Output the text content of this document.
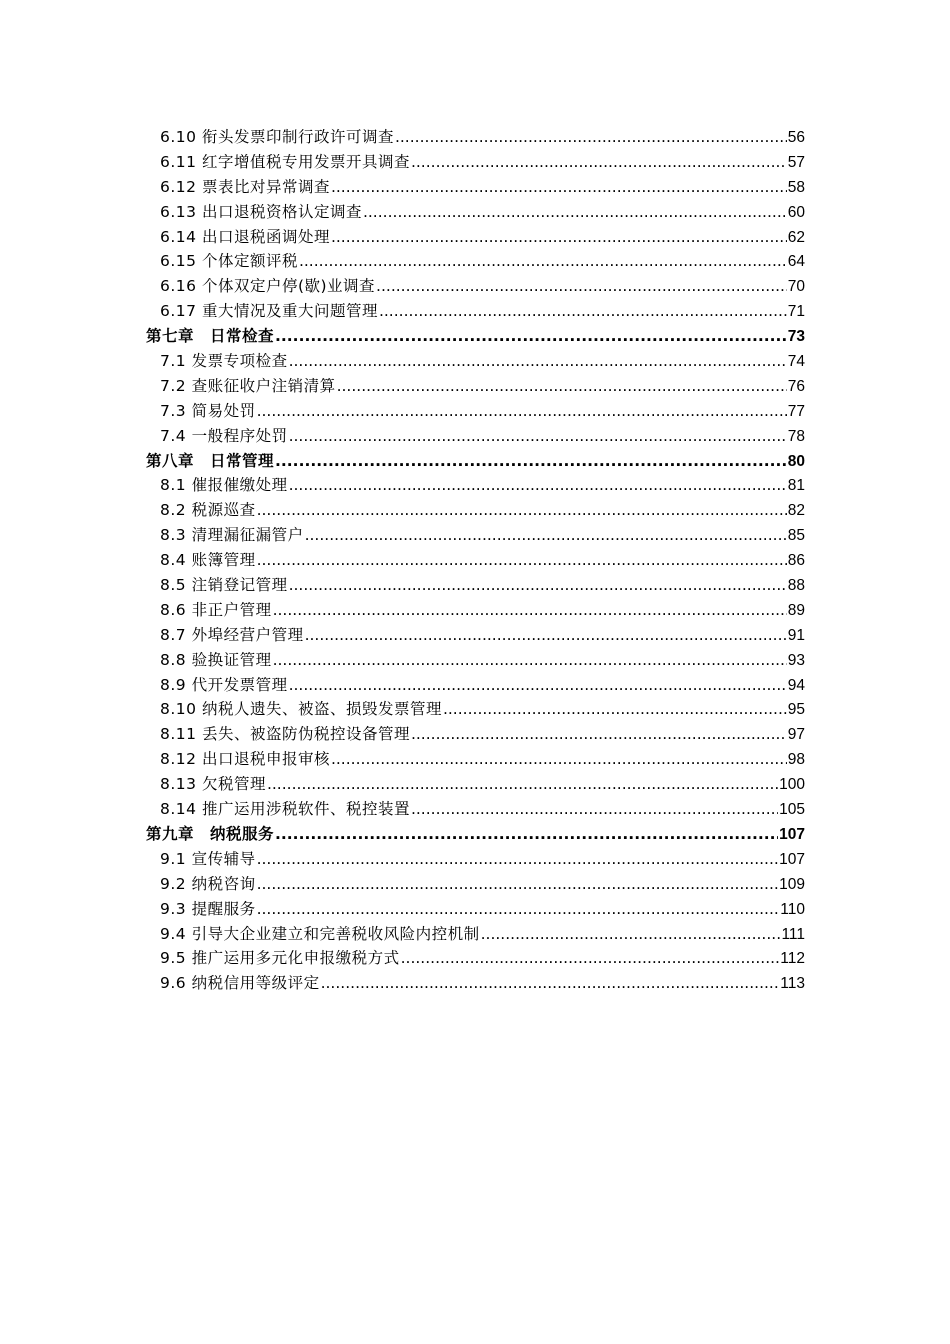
6.10 衔头发票印制行政许可调查 .....	56
6.11 红字增值税专用发票开具调查 .....	57
6.12 票表比对异常调查 .....	58
6.13 出口退税资格认定调查 .....	60
6.14 出口退税函调处理 .....	62
6.15 个体定额评税 .....	64
6.16 个体双定户停(歇)业调查 .....	70
6.17 重大情况及重大问题管理 .....	71
第七章　日常检查 .....	73
7.1 发票专项检查 .....	74
7.2 查账征收户注销清算 .....	76
7.3 简易处罚 .....	77
7.4 一般程序处罚 .....	78
第八章　日常管理 .....	80
8.1 催报催缴处理 .....	81
8.2 税源巡查 .....	82
8.3 清理漏征漏管户 .....	85
8.4 账簿管理 .....	86
8.5 注销登记管理 .....	88
8.6 非正户管理 .....	89
8.7 外埠经营户管理 .....	91
8.8 验换证管理 .....	93
8.9 代开发票管理 .....	94
8.10 纳税人遗失、被盗、损毁发票管理 .....	95
8.11 丢失、被盗防伪税控设备管理 .....	97
8.12 出口退税申报审核 .....	98
8.13 欠税管理 .....	100
8.14 推广运用涉税软件、税控装置 .....	105
第九章　纳税服务 .....	107
9.1 宣传辅导 .....	107
9.2 纳税咨询 .....	109
9.3 提醒服务 .....	110
9.4 引导大企业建立和完善税收风险内控机制 .....	111
9.5 推广运用多元化申报缴税方式 .....	112
9.6 纳税信用等级评定 .....	113
